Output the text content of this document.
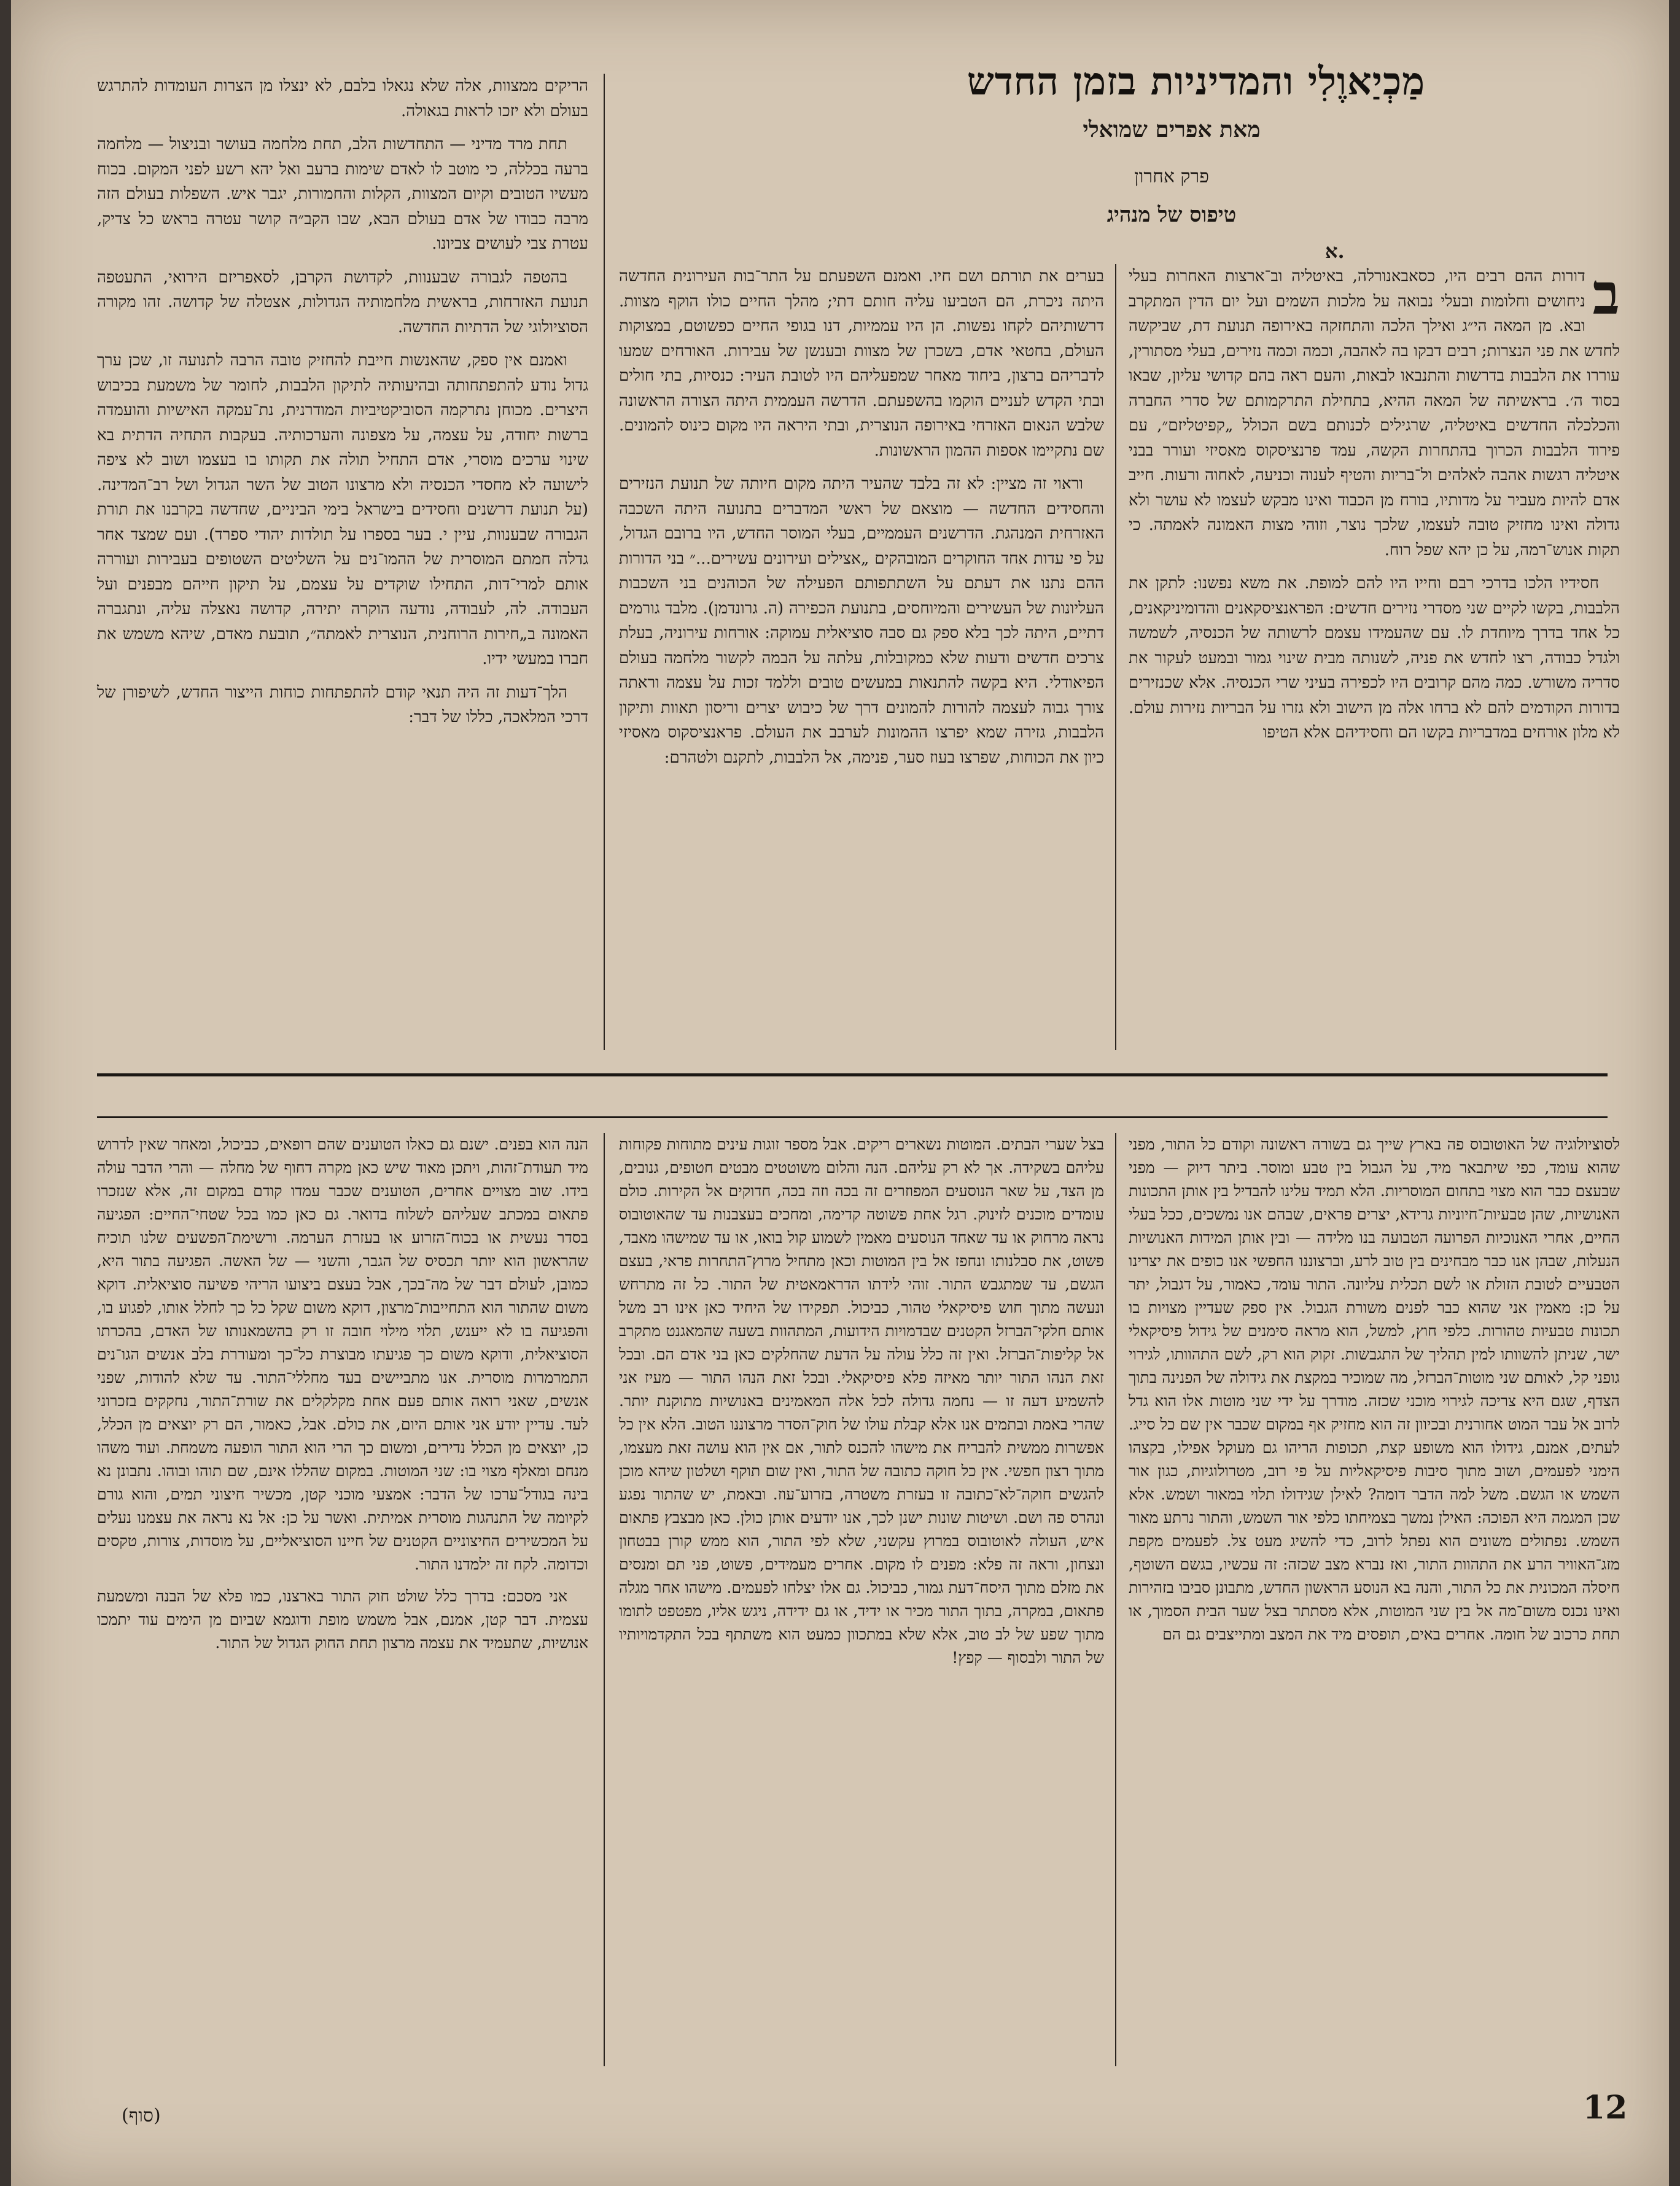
מַכְיַאוֶלִי והמדיניות בזמן החדש
מאת אפרים שמואלי
פרק אחרון
טיפוס של מנהיג
א.

ב
דורות ההם רבים היו, כסאבאנורלה, באיטליה וב־ארצות האחרות בעלי ניחושים וחלומות ובעלי נבואה על מלכות השמים ועל יום הדין המתקרב ובא. מן המאה הי״ג ואילך הלכה והתחזקה באירופה תנועת דת, שביקשה לחדש את פני הנצרות; רבים דבקו בה לאהבה, וכמה וכמה נזירים, בעלי מסתורין, עוררו את הלבבות בדרשות והתנבאו לבאות, והעם ראה בהם קדושי עליון, שבאו בסוד ה׳. בראשיתה של המאה ההיא, בתחילת התרקמותם של סדרי החברה והכלכלה החדשים באיטליה, שרגילים לכנותם בשם הכולל „קפיטליזם״, עם פירוד הלבבות הכרוך בהתחרות הקשה, עמד פרנציסקוס מאסיזי ועורר בבני איטליה רגשות אהבה לאלהים ול־בריות והטיף לענוה וכניעה, לאחוה ורעות. חייב אדם להיות מעביר על מדותיו, בורח מן הכבוד ואינו מבקש לעצמו לא עושר ולא גדולה ואינו מחזיק טובה לעצמו, שלכך נוצר, וזוהי מצות האמונה לאמתה. כי תקות אנוש־רמה, על כן יהא שפל רוח.

חסידיו הלכו בדרכי רבם וחייו היו להם למופת. את משא נפשנו: לתקן את הלבבות, בקשו לקיים שני מסדרי נזירים חדשים: הפראנציסקאנים והדומיניקאנים, כל אחד בדרך מיוחדת לו. עם שהעמידו עצמם לרשותה של הכנסיה, לשמשה ולגדל כבודה, רצו לחדש את פניה, לשנותה מבית שינוי גמור ובמעט לעקור את סדריה משורש. כמה מהם קרובים היו לכפירה בעיני שרי הכנסיה. אלא שכנזירים בדורות הקודמים להם לא ברחו אלה מן הישוב ולא גזרו על הבריות נזירות עולם. לא מלון אורחים במדבריות בקשו הם וחסידיהם אלא הטיפו

בערים את תורתם ושם חיו. ואמנם השפעתם על התר־בות העירונית החדשה היתה ניכרת, הם הטביעו עליה חותם דתי; מהלך החיים כולו הוקף מצוות. דרשותיהם לקחו נפשות. הן היו עממיות, דנו בגופי החיים כפשוטם, במצוקות העולם, בחטאי אדם, בשכרן של מצוות ובענשן של עבירות. האורחים שמעו לדבריהם ברצון, ביחוד מאחר שמפעליהם היו לטובת העיר: כנסיות, בתי חולים ובתי הקדש לעניים הוקמו בהשפעתם. הדרשה העממית היתה הצורה הראשונה שלבש הנאום האזרחי באירופה הנוצרית, ובתי היראה היו מקום כינוס להמונים. שם נתקיימו אספות ההמון הראשונות.

וראוי זה מציין: לא זה בלבד שהעיר היתה מקום חיותה של תנועת הנזירים והחסידים החדשה — מוצאם של ראשי המדברים בתנועה היתה השכבה האזרחית המנהגת. הדרשנים העממיים, בעלי המוסר החדש, היו ברובם הגדול, על פי עדות אחד החוקרים המובהקים „אצילים ועירונים עשירים...״ בני הדורות ההם נתנו את דעתם על השתתפותם הפעילה של הכוהנים בני השכבות העליונות של העשירים והמיוחסים, בתנועת הכפירה (ה. גרונדמן). מלבד גורמים דתיים, היתה לכך בלא ספק גם סבה סוציאלית עמוקה: אורחות עירוניה, בעלת צרכים חדשים ודעות שלא כמקובלות, עלתה על הבמה לקשור מלחמה בעולם הפיאודלי. היא בקשה להתנאות במעשים טובים וללמד זכות על עצמה וראתה צורך גבוה לעצמה להורות להמונים דרך של כיבוש יצרים וריסון תאוות ותיקון הלבבות, גזירה שמא יפרצו ההמונות לערבב את העולם. פראנציסקוס מאסיזי כיון את הכוחות, שפרצו בעוז סער, פנימה, אל הלבבות, לתקנם ולטהרם:

הריקים ממצוות, אלה שלא נגאלו בלבם, לא ינצלו מן הצרות העומדות להתרגש בעולם ולא יזכו לראות בגאולה.

תחת מרד מדיני — התחדשות הלב, תחת מלחמה בעושר ובניצול — מלחמה ברעה בכללה, כי מוטב לו לאדם שימות ברעב ואל יהא רשע לפני המקום. בכוח מעשיו הטובים וקיום המצוות, הקלות והחמורות, יגבר איש. השפלות בעולם הזה מרבה כבודו של אדם בעולם הבא, שבו הקב״ה קושר עטרה בראש כל צדיק, עטרת צבי לעושים צביונו.

בהטפה לגבורה שבענוות, לקדושת הקרבן, לסאפריזם הירואי, התעטפה תנועת האזרחות, בראשית מלחמותיה הגדולות, אצטלה של קדושה. זהו מקורה הסוציולוגי של הדתיות החדשה.

ואמנם אין ספק, שהאנשות חייבת להחזיק טובה הרבה לתנועה זו, שכן ערך גדול נודע להתפתחותה ובהיעותיה לתיקון הלבבות, לחומר של משמעת בכיבוש היצרים. מכוחן נתרקמה הסוביקטיביות המודרנית, נת־עמקה האישיות והועמדה ברשות יחודה, על עצמה, על מצפונה והערכותיה. בעקבות התחיה הדתית בא שינוי ערכים מוסרי, אדם התחיל תולה את תקותו בו בעצמו ושוב לא ציפה לישועה לא מחסדי הכנסיה ולא מרצונו הטוב של השר הגדול ושל רב־המדינה. (על תנועת דרשנים וחסידים בישראל בימי הביניים, שחדשה בקרבנו את תורת הגבורה שבענוות, עיין י. בער בספרו על תולדות יהודי ספרד). ועם שמצד אחר גדלה חמתם המוסרית של ההמו־נים על השליטים השטופים בעבירות ועוררה אותם למרי־דות, התחילו שוקדים על עצמם, על תיקון חייהם מבפנים ועל העבודה. לה, לעבודה, נודעה הוקרה יתירה, קדושה נאצלה עליה, ונתגברה האמונה ב„חירות הרוחנית, הנוצרית לאמתה״, תובעת מאדם, שיהא משמש את חברו במעשי ידיו.

הלך־דעות זה היה תנאי קודם להתפתחות כוחות הייצור החדש, לשיפורן של דרכי המלאכה, כללו של דבר:

לסוציולוגיה של האוטובוס פה בארץ שייך גם בשורה ראשונה וקודם כל התור, מפני שהוא עומד, כפי שיתבאר מיד, על הגבול בין טבע ומוסר. ביתר דיוק — מפני שבעצם כבר הוא מצוי בתחום המוסריות. הלא תמיד עלינו להבדיל בין אותן התכונות האנושיות, שהן טבעיות־חיוניות גרידא, יצרים פראים, שבהם אנו נמשכים, ככל בעלי החיים, אחרי האנוכיות הפרועה הטבועה בנו מלידה — ובין אותן המידות האנושיות הנעלות, שבהן אנו כבר מבחינים בין טוב לרע, וברצוננו החפשי אנו כופים את יצרינו הטבעיים לטובת הזולת או לשם תכלית עליונה. התור עומד, כאמור, על דגבול, יתר על כן: מאמין אני שהוא כבר לפנים משורת הגבול. אין ספק שעדיין מצויות בו תכונות טבעיות טהורות. כלפי חוץ, למשל, הוא מראה סימנים של גידול פיסיקאלי ישר, שניתן להשוותו למין תהליך של התגבשות. זקוק הוא רק, לשם התהוותו, לגירוי גופני קל, לאותם שני מוטות־הברזל, מה שמוכיר במקצת את גידולה של הפנינה בתוך הצדף, שגם היא צריכה לגירוי מוכני שכזה. מודרך על ידי שני מוטות אלו הוא גדל לרוב אל עבר המוט אחורנית ובכיוון זה הוא מחזיק אף במקום שכבר אין שם כל סייג. לעתים, אמנם, גידולו הוא משופע קצת, תכופות הריהו גם מעוקל אפילו, בקצהו הימני לפעמים, ושוב מתוך סיבות פיסיקאליות על פי רוב, מטרולוגיות, כגון אור השמש או הגשם. משל למה הדבר דומה? לאילן שגידולו תלוי במאור ושמש. אלא שכן המגמה היא הפוכה: האילן נמשך בצמיחתו כלפי אור השמש, והתור נרתע מאור השמש. נפתולים משונים הוא נפתל לרוב, כדי להשיג מעט צל. לפעמים מקפת מזג־האוויר הרע את התהוות התור, ואז נברא מצב שכזה: זה עכשיו, בגשם השוטף, חיסלה המכונית את כל התור, והנה בא הנוסע הראשון החדש, מתבונן סביבו בזהירות ואינו נכנס משום־מה אל בין שני המוטות, אלא מסתתר בצל שער הבית הסמוך, או תחת כרכוב של חומה. אחרים באים, תופסים מיד את המצב ומתייצבים גם הם

בצל שערי הבתים. המוטות נשארים ריקים. אבל מספר זוגות עינים מתוחות פקוחות עליהם בשקידה. אך לא רק עליהם. הנה והלום משוטטים מבטים חטופים, גנובים, מן הצד, על שאר הנוסעים המפוזרים זה בכה וזה בכה, חדוקים אל הקירות. כולם עומדים מוכנים לזינוק. רגל אחת פשוטה קדימה, ומחכים בעצבנות עד שהאוטובוס נראה מרחוק או עד שאחד הנוסעים מאמין לשמוע קול בואו, או עד שמישהו מאבד, פשוט, את סבלנותו ונחפז אל בין המוטות וכאן מתחיל מרוץ־התחרות פראי, בעצם הגשם, עד שמתגבש התור. זוהי לידתו הדראמאטית של התור. כל זה מתרחש ונעשה מתוך חוש פיסיקאלי טהור, כביכול. תפקידו של היחיד כאן אינו רב משל אותם חלקי־הברזל הקטנים שבדמויות הידועות, המתהוות בשעה שהמאגנט מתקרב אל קליפות־הברזל. ואין זה כלל עולה על הדעת שהחלקים כאן בני אדם הם. ובכל זאת הנהו התור יותר מאיזה פלא פיסיקאלי. ובכל זאת הנהו התור — מעיז אני להשמיע דעה זו — נחמה גדולה לכל אלה המאמינים באנושיות מתוקנת יותר. שהרי באמת ובתמים אנו אלא קבלת עולו של חוק־הסדר מרצוננו הטוב. הלא אין כל אפשרות ממשית להבריח את מישהו להכנס לתור, אם אין הוא עושה זאת מעצמו, מתוך רצון חפשי. אין כל חוקה כתובה של התור, ואין שום תוקף ושלטון שיהא מוכן להגשים חוקה־לא־כתובה זו בעזרת משטרה, בזרוע־עוז. ובאמת, יש שהתור נפגע ונהרס פה ושם. ושיטות שונות ישנן לכך, אנו יודעים אותן כולן. כאן מבצבץ פתאום איש, העולה לאוטובוס במרוץ עקשני, שלא לפי התור, הוא ממש קורן בבטחון ונצחון, וראה זה פלא: מפנים לו מקום. אחרים מעמידים, פשוט, פני תם ומנסים את מזלם מתוך היסח־דעת גמור, כביכול. גם אלו יצלחו לפעמים. מישהו אחר מגלה פתאום, במקרה, בתוך התור מכיר או ידיד, או גם ידידה, ניגש אליו, מפטפט לתומו מתוך שפע של לב טוב, אלא שלא במתכוון כמעט הוא משתתף בכל התקדמויותיו של התור ולבסוף — קפץ!

הנה הוא בפנים. ישנם גם כאלו הטוענים שהם רופאים, כביכול, ומאחר שאין לדרוש מיד תעודת־זהות, ויתכן מאוד שיש כאן מקרה דחוף של מחלה — והרי הדבר עולה בידו. שוב מצויים אחרים, הטוענים שכבר עמדו קודם במקום זה, אלא שנזכרו פתאום במכתב שעליהם לשלוח בדואר. גם כאן כמו בכל שטחי־החיים: הפגיעה בסדר נעשית או בכוח־הזרוע או בעזרת הערמה. ורשימת־הפשעים שלנו תוכיח שהראשון הוא יותר תכסיס של הגבר, והשני — של האשה. הפגיעה בתור היא, כמובן, לעולם דבר של מה־בכך, אבל בעצם ביצועו הריהי פשיעה סוציאלית. דוקא משום שהתור הוא התחייבות־מרצון, דוקא משום שקל כל כך לחלל אותו, לפגוע בו, והפגיעה בו לא ייענש, תלוי מילוי חובה זו רק בהשמאנותו של האדם, בהכרתו הסוציאלית, ודוקא משום כך פגיעתו מבוצרת כל־כך ומעוררת בלב אנשים הגו־נים התמרמרות מוסרית. אנו מתביישים בעד מחללי־התור. עד שלא להודות, שפני אנשים, שאני רואה אותם פעם אחת מקלקלים את שורת־התור, נחקקים בזכרוני לעד. עדיין יודע אני אותם היום, את כולם. אבל, כאמור, הם רק יוצאים מן הכלל, כן, יוצאים מן הכלל נדירים, ומשום כך הרי הוא התור הופעה משמחת. ועוד משהו מנחם ומאלף מצוי בו: שני המוטות. במקום שהללו אינם, שם תוהו ובוהו. נתבונן נא בינה בגודל־ערכו של הדבר: אמצעי מוכני קטן, מכשיר חיצוני תמים, והוא גורם לקיומה של התנהגות מוסרית אמיתית. ואשר על כן: אל נא נראה את עצמנו נעלים על המכשירים החיצוניים הקטנים של חיינו הסוציאליים, על מוסדות, צורות, טקסים וכדומה. לקח זה ילמדנו התור.

אני מסכם: בדרך כלל שולט חוק התור בארצנו, כמו פלא של הבנה ומשמעת עצמית. דבר קטן, אמנם, אבל משמש מופת ודוגמא שביום מן הימים עוד יתמכו אנושיות, שתעמיד את עצמה מרצון תחת החוק הגדול של התור.

(סוף)	12
